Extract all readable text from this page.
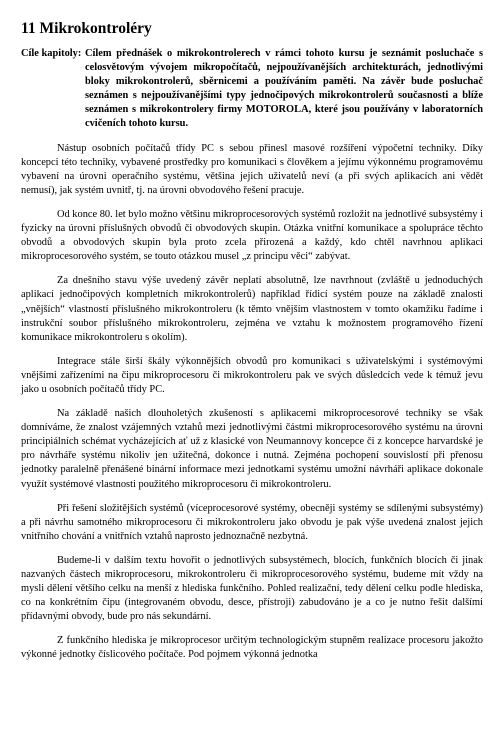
11 Mikrokontroléry
Cíle kapitoly: Cílem přednášek o mikrokontrolerech v rámci tohoto kursu je seznámit posluchače s celosvětovým vývojem mikropočítačů, nejpoužívanějších architekturách, jednotlivými bloky mikrokontrolerů, sběrnicemi a používáním paměti. Na závěr bude posluchač seznámen s nejpoužívanějšími typy jednočipových mikrokontrolerů současnosti a blíže seznámen s mikrokontrolery firmy MOTOROLA, které jsou používány v laboratorních cvičeních tohoto kursu.

Nástup osobních počítačů třídy PC s sebou přinesl masové rozšíření výpočetní techniky. Díky koncepci této techniky, vybavené prostředky pro komunikaci s člověkem a jejímu výkonnému programovému vybavení na úrovni operačního systému, většina jejich uživatelů neví (a při svých aplikacích ani vědět nemusí), jak systém uvnitř, tj. na úrovni obvodového řešení pracuje.

Od konce 80. let bylo možno většinu mikroprocesorových systémů rozložit na jednotlivé subsystémy i fyzicky na úrovni příslušných obvodů či obvodových skupin. Otázka vnitřní komunikace a spolupráce těchto obvodů a obvodových skupin byla proto zcela přirozená a každý, kdo chtěl navrhnou aplikaci mikroprocesorového systém, se touto otázkou musel „z principu věci“ zabývat.

Za dnešního stavu výše uvedený závěr neplatí absolutně, lze navrhnout (zvláště u jednoduchých aplikací jednočipových kompletních mikrokontrolerů) například řídicí systém pouze na základě znalosti „vnějších“ vlastností příslušného mikrokontroleru (k těmto vnějším vlastnostem v tomto okamžiku řadíme i instrukční soubor příslušného mikrokontroleru, zejména ve vztahu k možnostem programového řízení komunikace mikrokontroleru s okolím).

Integrace stále širší škály výkonnějších obvodů pro komunikaci s uživatelskými i systémovými vnějšími zařízeními na čipu mikroprocesoru či mikrokontroleru pak ve svých důsledcích vede k témuž jevu jako u osobních počítačů třídy PC.

Na základě našich dlouholetých zkušeností s aplikacemi mikroprocesorové techniky se však domníváme, že znalost vzájemných vztahů mezi jednotlivými částmi mikroprocesorového systému na úrovni principiálních schémat vycházejících ať už z klasické von Neumannovy koncepce či z koncepce harvardské je pro návrháře systému nikoliv jen užitečná, dokonce i nutná. Zejména pochopení souvislostí při přenosu jednotky paralelně přenášené binární informace mezi jednotkami systému umožní návrháři aplikace dokonale využít systémové vlastnosti použitého mikroprocesoru či mikrokontroleru.

Při řešení složitějších systémů (víceprocesorové systémy, obecněji systémy se sdílenými subsystémy) a při návrhu samotného mikroprocesoru či mikrokontroleru jako obvodu je pak výše uvedená znalost jejich vnitřního chování a vnitřních vztahů naprosto jednoznačně nezbytná.

Budeme-li v dalším textu hovořit o jednotlivých subsystémech, blocích, funkčních blocích či jinak nazvaných částech mikroprocesoru, mikrokontroleru či mikroprocesorového systému, budeme mít vždy na mysli dělení většího celku na menší z hlediska funkčního. Pohled realizační, tedy dělení celku podle hlediska, co na konkrétním čipu (integrovaném obvodu, desce, přístroji) zabudováno je a co je nutno řešit dalšími přídavnými obvody, bude pro nás sekundární.

Z funkčního hlediska je mikroprocesor určitým technologickým stupněm realizace procesoru jakožto výkonné jednotky číslicového počítače. Pod pojmem výkonná jednotka
